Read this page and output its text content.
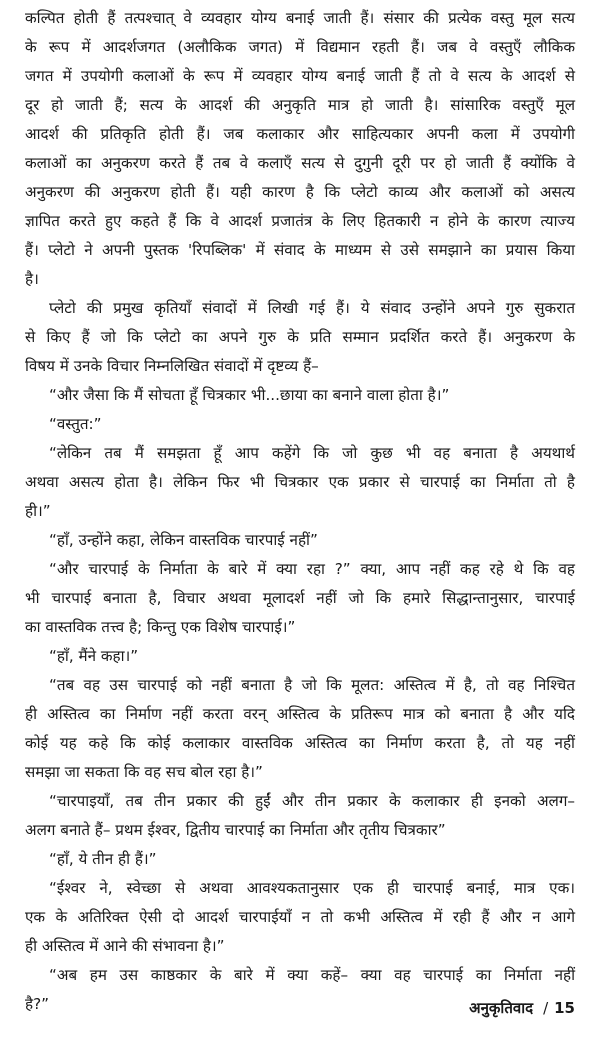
कल्पित होती हैं तत्पश्चात् वे व्यवहार योग्य बनाई जाती हैं। संसार की प्रत्येक वस्तु मूल सत्य
के रूप में आदर्शजगत (अलौकिक जगत) में विद्यमान रहती हैं। जब वे वस्तुएँ लौकिक
जगत में उपयोगी कलाओं के रूप में व्यवहार योग्य बनाई जाती हैं तो वे सत्य के आदर्श से
दूर हो जाती हैं; सत्य के आदर्श की अनुकृति मात्र हो जाती है। सांसारिक वस्तुएँ मूल
आदर्श की प्रतिकृति होती हैं। जब कलाकार और साहित्यकार अपनी कला में उपयोगी
कलाओं का अनुकरण करते हैं तब वे कलाएँ सत्य से दुगुनी दूरी पर हो जाती हैं क्योंकि वे
अनुकरण की अनुकरण होती हैं। यही कारण है कि प्लेटो काव्य और कलाओं को असत्य
ज्ञापित करते हुए कहते हैं कि वे आदर्श प्रजातंत्र के लिए हितकारी न होने के कारण त्याज्य
हैं। प्लेटो ने अपनी पुस्तक 'रिपब्लिक' में संवाद के माध्यम से उसे समझाने का प्रयास किया
है।
प्लेटो की प्रमुख कृतियाँ संवादों में लिखी गई हैं। ये संवाद उन्होंने अपने गुरु सुकरात
से किए हैं जो कि प्लेटो का अपने गुरु के प्रति सम्मान प्रदर्शित करते हैं। अनुकरण के
विषय में उनके विचार निम्नलिखित संवादों में दृष्टव्य हैं–
“और जैसा कि मैं सोचता हूँ चित्रकार भी...छाया का बनाने वाला होता है।”
“वस्तुत:”
“लेकिन तब मैं समझता हूँ आप कहेंगे कि जो कुछ भी वह बनाता है अयथार्थ
अथवा असत्य होता है। लेकिन फिर भी चित्रकार एक प्रकार से चारपाई का निर्माता तो है
ही।”
“हाँ, उन्होंने कहा, लेकिन वास्तविक चारपाई नहीं”
“और चारपाई के निर्माता के बारे में क्या रहा ?” क्या, आप नहीं कह रहे थे कि वह
भी चारपाई बनाता है, विचार अथवा मूलादर्श नहीं जो कि हमारे सिद्धान्तानुसार, चारपाई
का वास्तविक तत्त्व है; किन्तु एक विशेष चारपाई।”
“हाँ, मैंने कहा।”
“तब वह उस चारपाई को नहीं बनाता है जो कि मूलत: अस्तित्व में है, तो वह निश्चित
ही अस्तित्व का निर्माण नहीं करता वरन् अस्तित्व के प्रतिरूप मात्र को बनाता है और यदि
कोई यह कहे कि कोई कलाकार वास्तविक अस्तित्व का निर्माण करता है, तो यह नहीं
समझा जा सकता कि वह सच बोल रहा है।”
“चारपाइयाँ, तब तीन प्रकार की हुईं और तीन प्रकार के कलाकार ही इनको अलग–
अलग बनाते हैं– प्रथम ईश्वर, द्वितीय चारपाई का निर्माता और तृतीय चित्रकार”
“हाँ, ये तीन ही हैं।”
“ईश्वर ने, स्वेच्छा से अथवा आवश्यकतानुसार एक ही चारपाई बनाई, मात्र एक।
एक के अतिरिक्त ऐसी दो आदर्श चारपाईयाँ न तो कभी अस्तित्व में रही हैं और न आगे
ही अस्तित्व में आने की संभावना है।”
“अब हम उस काष्ठकार के बारे में क्या कहें– क्या वह चारपाई का निर्माता नहीं
है?”	अनुकृतिवाद / 15
